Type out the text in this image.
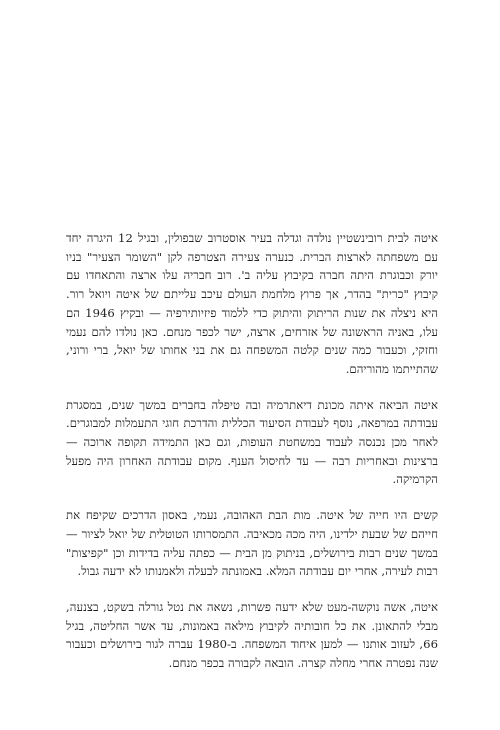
איטה לבית רובינשטיין נולדה וגדלה בעיר אוסטרוב שבפולין, ובגיל 12 היגרה יחד עם משפחתה לארצות הברית. כנערה צעירה הצטרפה לקן "השומר הצעיר" בניו יורק וכבוגרת היתה חברה בקיבוץ עליה ב'. רוב חבריה עלו ארצה והתאחדו עם קיבוץ "כרית" בהדר, אך פרוץ מלחמת העולם עיכב עלייתם של איטה ויואל רור. היא ניצלה את שנות הריתוק והיתוק כדי ללמוד פיזיותירפיה — ובקיץ 1946 הם עלו, באניה הראשונה של אזרחים, ארצה, ישר לכפר מנחם. כאן נולדו להם נעמי וחזקי, וכעבור כמה שנים קלטה המשפחה גם את בני אחותו של יואל, ברי ורוני, שהתייתמו מהוריהם.

איטה הביאה איתה מכונת דיאתרמיה ובה טיפלה בחברים במשך שנים, במסגרת עבודתה במרפאה, נוסף לעבודת הסיעוד הכללית והדרכת חוגי התעמלות למבוגרים. לאחר מכן נכנסה לעבוד במשחטת העופות, וגם כאן התמידה תקופה ארוכה — ברצינות ובאחריות רבה — עד לחיסול הענף. מקום עבודתה האחרון היה מפעל הקרמיקה.

קשים היו חייה של איטה. מות הבת האהובה, נעמי, באסון הדרכים שקיפח את חייהם של שבעת ילדינו, היה מכה מכאיבה. התמסרותו הטוטלית של יואל לציור — במשך שנים רבות בירושלים, בניתוק מן הבית — כפתה עליה בדידות וכן "קפיצות" רבות לעירה, אחרי יום עבודתה המלא. באמונתה לבעלה ולאמנותו לא ידעה גבול.

איטה, אשה נוקשה-מעט שלא ידעה פשרות, נשאה את נטל גורלה בשקט, בצנעה, מבלי להתאונן. את כל חובותיה לקיבוץ מילאה באמונות, עד אשר החליטה, בגיל 66, לעזוב אותנו — למען איחוד המשפחה. ב-1980 עברה לגור בירושלים וכעבור שנה נפטרה אחרי מחלה קצרה. הובאה לקבורה בכפר מנחם.
